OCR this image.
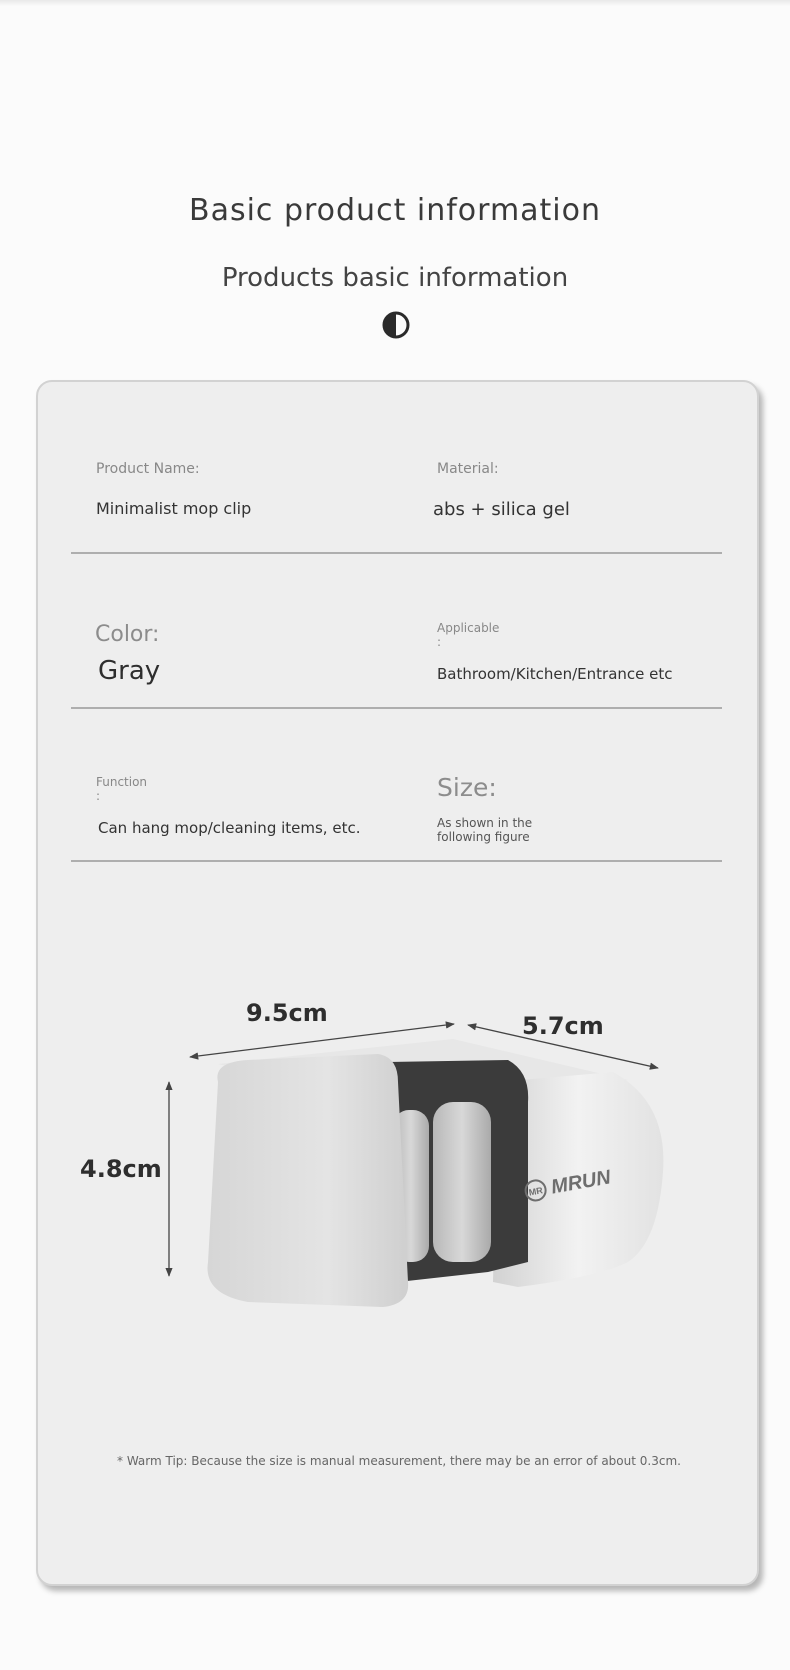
Basic product information
Products basic information
Product Name:
Minimalist mop clip
Material:
abs + silica gel
Color:
Gray
Applicable
:
Bathroom/Kitchen/Entrance etc
Function
:
Can hang mop/cleaning items, etc.
Size:
As shown in the
following figure
MR MRUN
9.5cm	5.7cm
4.8cm
* Warm Tip: Because the size is manual measurement, there may be an error of about 0.3cm.
